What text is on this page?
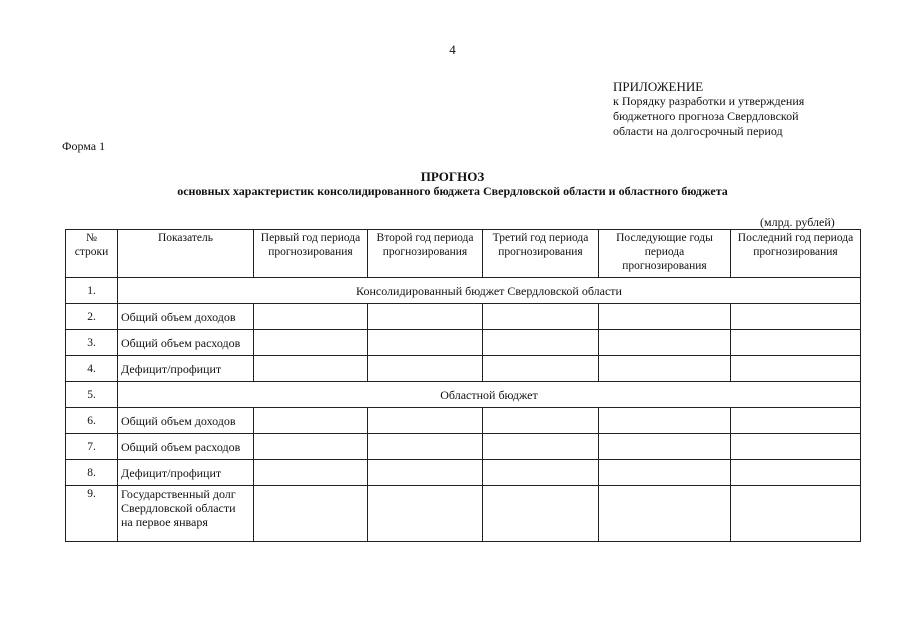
4
ПРИЛОЖЕНИЕ
к Порядку разработки и утверждения
бюджетного прогноза Свердловской
области на долгосрочный период
Форма 1
ПРОГНОЗ
основных характеристик консолидированного бюджета Свердловской области и областного бюджета
(млрд. рублей)
№ строки	Показатель	Первый год периода прогнозирования	Второй год периода прогнозирования	Третий год периода прогнозирования	Последующие годы периода прогнозирования	Последний год периода прогнозирования
1.	Консолидированный бюджет Свердловской области					
2.	Общий объем доходов					
3.	Общий объем расходов					
4.	Дефицит/профицит					
5.	Областной бюджет					
6.	Общий объем доходов					
7.	Общий объем расходов					
8.	Дефицит/профицит					
9.	Государственный долг Свердловской области на первое января					
